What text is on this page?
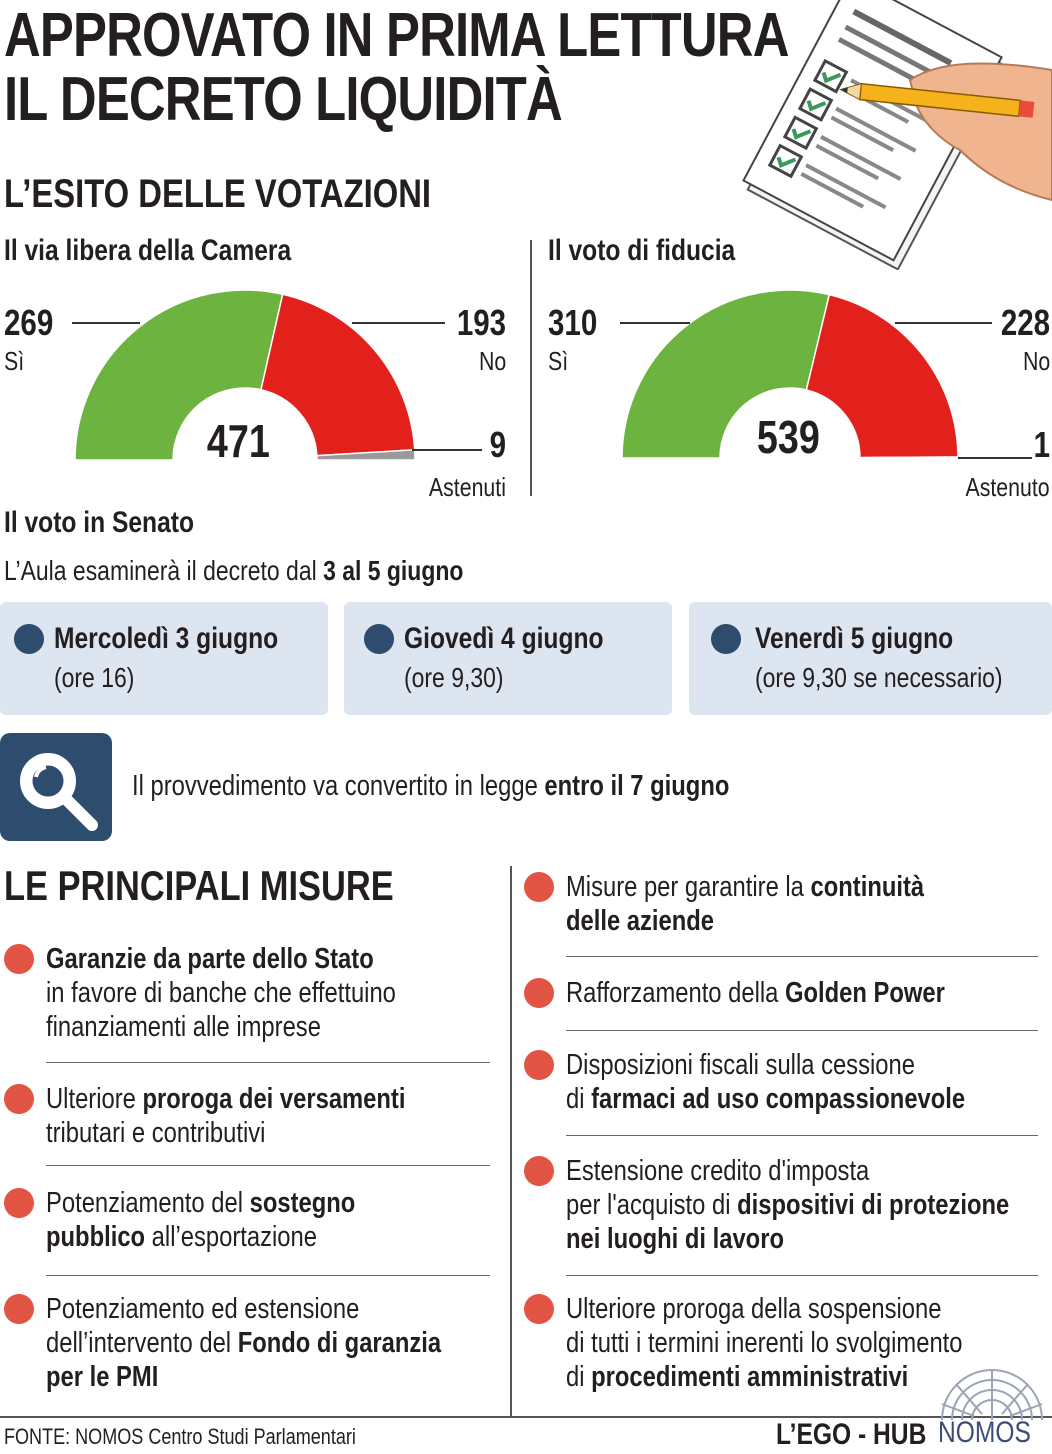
APPROVATO IN PRIMA LETTURA
IL DECRETO LIQUIDITÀ
L’ESITO DELLE VOTAZIONI
Il via libera della Camera	Il voto di fiducia
269
Sì
193
No
9
Astenuti
310
Sì
228
No
1
Astenuto
471	539
Il voto in Senato
L’Aula esaminerà il decreto dal 3 al 5 giugno
Mercoledì 3 giugno
(ore 16)
Giovedì 4 giugno
(ore 9,30)
Venerdì 5 giugno
(ore 9,30 se necessario)
Il provvedimento va convertito in legge entro il 7 giugno
LE PRINCIPALI MISURE
Garanzie da parte dello Stato
in favore di banche che effettuino
finanziamenti alle imprese

Ulteriore proroga dei versamenti
tributari e contributivi

Potenziamento del sostegno
pubblico all’esportazione

Potenziamento ed estensione
dell’intervento del Fondo di garanzia
per le PMI

Misure per garantire la continuità
delle aziende

Rafforzamento della Golden Power

Disposizioni fiscali sulla cessione
di farmaci ad uso compassionevole

Estensione credito d'imposta
per l'acquisto di dispositivi di protezione
nei luoghi di lavoro

Ulteriore proroga della sospensione
di tutti i termini inerenti lo svolgimento
di procedimenti amministrativi

FONTE: NOMOS Centro Studi Parlamentari	L’EGO - HUB NOMOS
